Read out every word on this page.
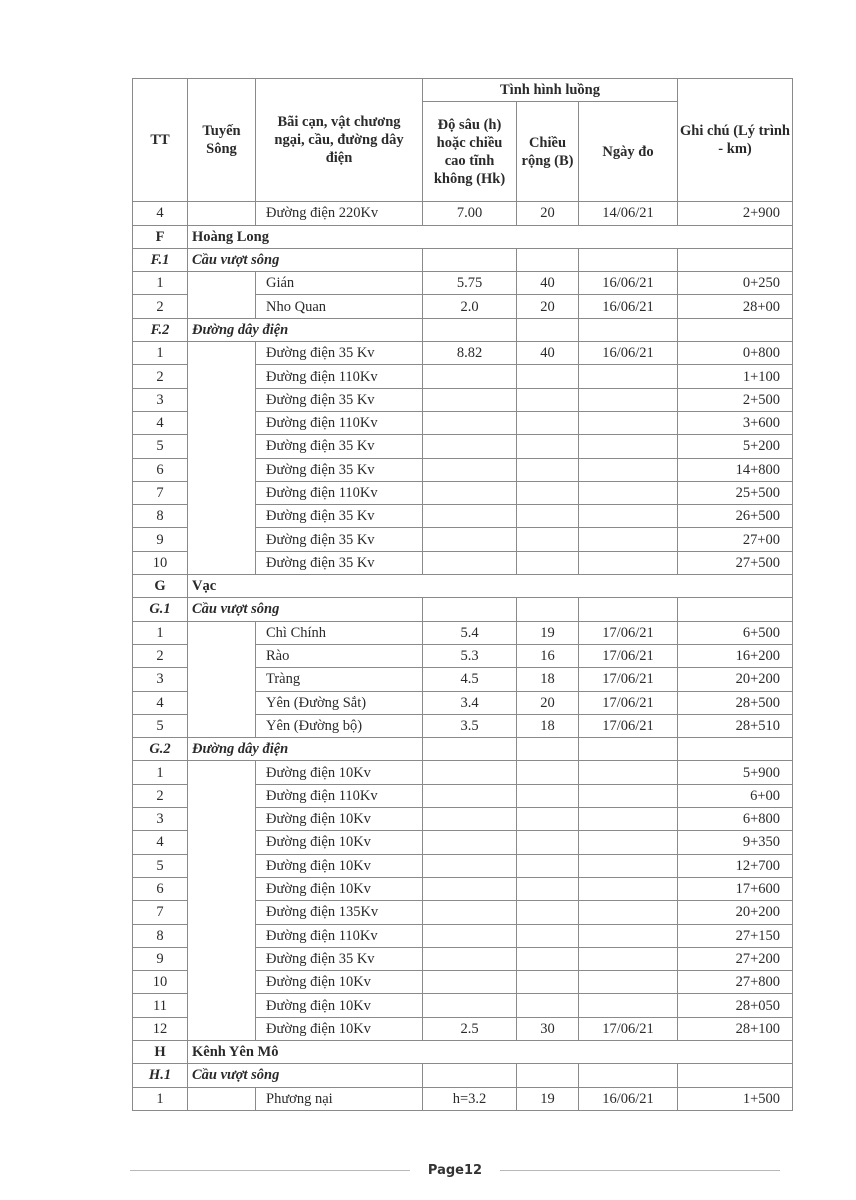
TT	Tuyến Sông	Bãi cạn, vật chương ngại, cầu, đường dây điện	Tình hình luồng			Ghi chú (Lý trình - km)
			Độ sâu (h) hoặc chiều cao tĩnh không (Hk)	Chiều rộng (B)	Ngày đo	
4		Đường điện 220Kv	7.00	20	14/06/21	2+900
F	Hoàng Long					
F.1	Cầu vượt sông					
1		Gián	5.75	40	16/06/21	0+250
2		Nho Quan	2.0	20	16/06/21	28+00
F.2	Đường dây điện					
1		Đường điện 35 Kv	8.82	40	16/06/21	0+800
2		Đường điện 110Kv				1+100
3		Đường điện 35 Kv				2+500
4		Đường điện 110Kv				3+600
5		Đường điện 35 Kv				5+200
6		Đường điện 35 Kv				14+800
7		Đường điện 110Kv				25+500
8		Đường điện 35 Kv				26+500
9		Đường điện 35 Kv				27+00
10		Đường điện 35 Kv				27+500
G	Vạc					
G.1	Cầu vượt sông					
1		Chì Chính	5.4	19	17/06/21	6+500
2		Rào	5.3	16	17/06/21	16+200
3		Tràng	4.5	18	17/06/21	20+200
4		Yên (Đường Sắt)	3.4	20	17/06/21	28+500
5		Yên (Đường bộ)	3.5	18	17/06/21	28+510
G.2	Đường dây điện					
1		Đường điện 10Kv				5+900
2		Đường điện 110Kv				6+00
3		Đường điện 10Kv				6+800
4		Đường điện 10Kv				9+350
5		Đường điện 10Kv				12+700
6		Đường điện 10Kv				17+600
7		Đường điện 135Kv				20+200
8		Đường điện 110Kv				27+150
9		Đường điện 35 Kv				27+200
10		Đường điện 10Kv				27+800
11		Đường điện 10Kv				28+050
12		Đường điện 10Kv	2.5	30	17/06/21	28+100
H	Kênh Yên Mô					
H.1	Cầu vượt sông					
1		Phương nại	h=3.2	19	16/06/21	1+500
Page12
